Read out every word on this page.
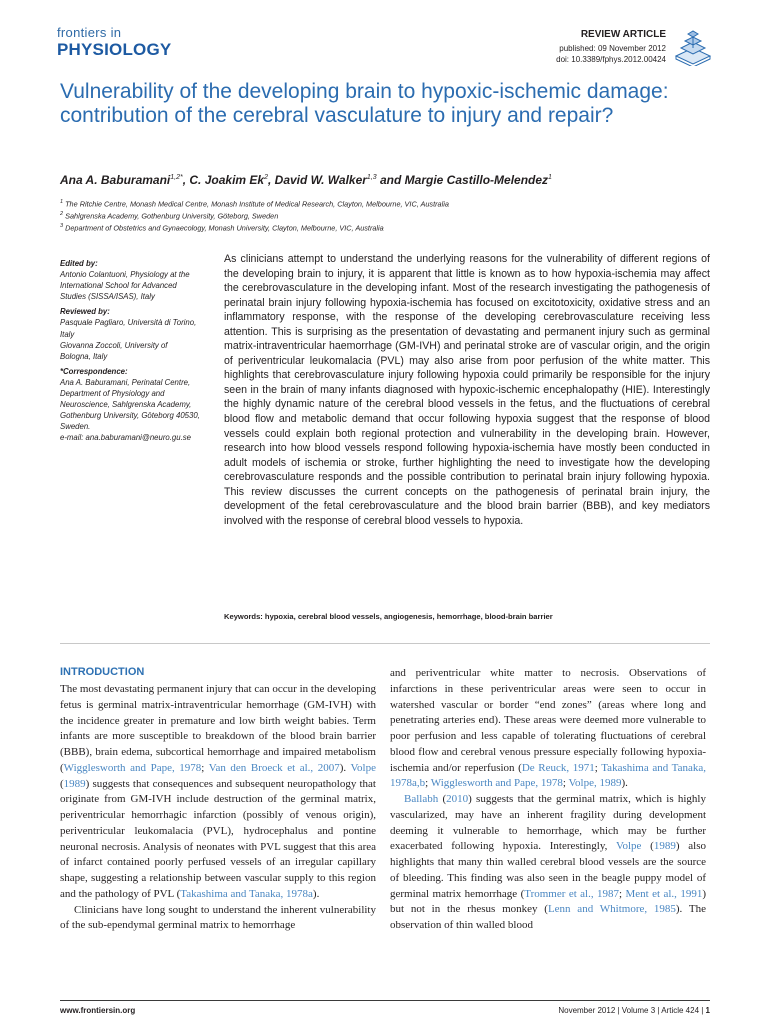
frontiers in
PHYSIOLOGY
REVIEW ARTICLE
published: 09 November 2012
doi: 10.3389/fphys.2012.00424
Vulnerability of the developing brain to hypoxic-ischemic damage: contribution of the cerebral vasculature to injury and repair?
Ana A. Baburamani$^{1,2*}$, C. Joakim Ek$^2$, David W. Walker$^{1,3}$ and Margie Castillo-Melendez$^1$
$^1$ The Ritchie Centre, Monash Medical Centre, Monash Institute of Medical Research, Clayton, Melbourne, VIC, Australia
$^2$ Sahlgrenska Academy, Gothenburg University, Göteborg, Sweden
$^3$ Department of Obstetrics and Gynaecology, Monash University, Clayton, Melbourne, VIC, Australia

Edited by:

Antonio Colantuoni, Physiology at the International School for Advanced Studies (SISSA/ISAS), Italy

Reviewed by:

Pasquale Pagliaro, Università di Torino, Italy

Giovanna Zoccoli, University of Bologna, Italy

*Correspondence:

Ana A. Baburamani, Perinatal Centre, Department of Physiology and Neuroscience, Sahlgrenska Academy, Gothenburg University, Göteborg 40530, Sweden.

e-mail: ana.baburamani@neuro.gu.se

As clinicians attempt to understand the underlying reasons for the vulnerability of different regions of the developing brain to injury, it is apparent that little is known as to how hypoxia-ischemia may affect the cerebrovasculature in the developing infant. Most of the research investigating the pathogenesis of perinatal brain injury following hypoxia-ischemia has focused on excitotoxicity, oxidative stress and an inflammatory response, with the response of the developing cerebrovasculature receiving less attention. This is surprising as the presentation of devastating and permanent injury such as germinal matrix-intraventricular haemorrhage (GM-IVH) and perinatal stroke are of vascular origin, and the origin of periventricular leukomalacia (PVL) may also arise from poor perfusion of the white matter. This highlights that cerebrovasculature injury following hypoxia could primarily be responsible for the injury seen in the brain of many infants diagnosed with hypoxic-ischemic encephalopathy (HIE). Interestingly the highly dynamic nature of the cerebral blood vessels in the fetus, and the fluctuations of cerebral blood flow and metabolic demand that occur following hypoxia suggest that the response of blood vessels could explain both regional protection and vulnerability in the developing brain. However, research into how blood vessels respond following hypoxia-ischemia have mostly been conducted in adult models of ischemia or stroke, further highlighting the need to investigate how the developing cerebrovasculature responds and the possible contribution to perinatal brain injury following hypoxia. This review discusses the current concepts on the pathogenesis of perinatal brain injury, the development of the fetal cerebrovasculature and the blood brain barrier (BBB), and key mediators involved with the response of cerebral blood vessels to hypoxia.

Keywords: hypoxia, cerebral blood vessels, angiogenesis, hemorrhage, blood-brain barrier
INTRODUCTION

The most devastating permanent injury that can occur in the developing fetus is germinal matrix-intraventricular hemorrhage (GM-IVH) with the incidence greater in premature and low birth weight babies. Term infants are more susceptible to breakdown of the blood brain barrier (BBB), brain edema, subcortical hemorrhage and impaired metabolism (Wigglesworth and Pape, 1978; Van den Broeck et al., 2007). Volpe (1989) suggests that consequences and subsequent neuropathology that originate from GM-IVH include destruction of the germinal matrix, periventricular hemorrhagic infarction (possibly of venous origin), periventricular leukomalacia (PVL), hydrocephalus and pontine neuronal necrosis. Analysis of neonates with PVL suggest that this area of infarct contained poorly perfused vessels of an irregular capillary shape, suggesting a relationship between vascular supply to this region and the pathology of PVL (Takashima and Tanaka, 1978a).

Clinicians have long sought to understand the inherent vulnerability of the sub-ependymal germinal matrix to hemorrhage

and periventricular white matter to necrosis. Observations of infarctions in these periventricular areas were seen to occur in watershed vascular or border “end zones” (areas where long and penetrating arteries end). These areas were deemed more vulnerable to poor perfusion and less capable of tolerating fluctuations of cerebral blood flow and cerebral venous pressure especially following hypoxia-ischemia and/or reperfusion (De Reuck, 1971; Takashima and Tanaka, 1978a,b; Wigglesworth and Pape, 1978; Volpe, 1989).

Ballabh (2010) suggests that the germinal matrix, which is highly vascularized, may have an inherent fragility during development deeming it vulnerable to hemorrhage, which may be further exacerbated following hypoxia. Interestingly, Volpe (1989) also highlights that many thin walled cerebral blood vessels are the source of bleeding. This finding was also seen in the beagle puppy model of germinal matrix hemorrhage (Trommer et al., 1987; Ment et al., 1991) but not in the rhesus monkey (Lenn and Whitmore, 1985). The observation of thin walled blood

www.frontiersin.org	November 2012 | Volume 3 | Article 424 | 1
